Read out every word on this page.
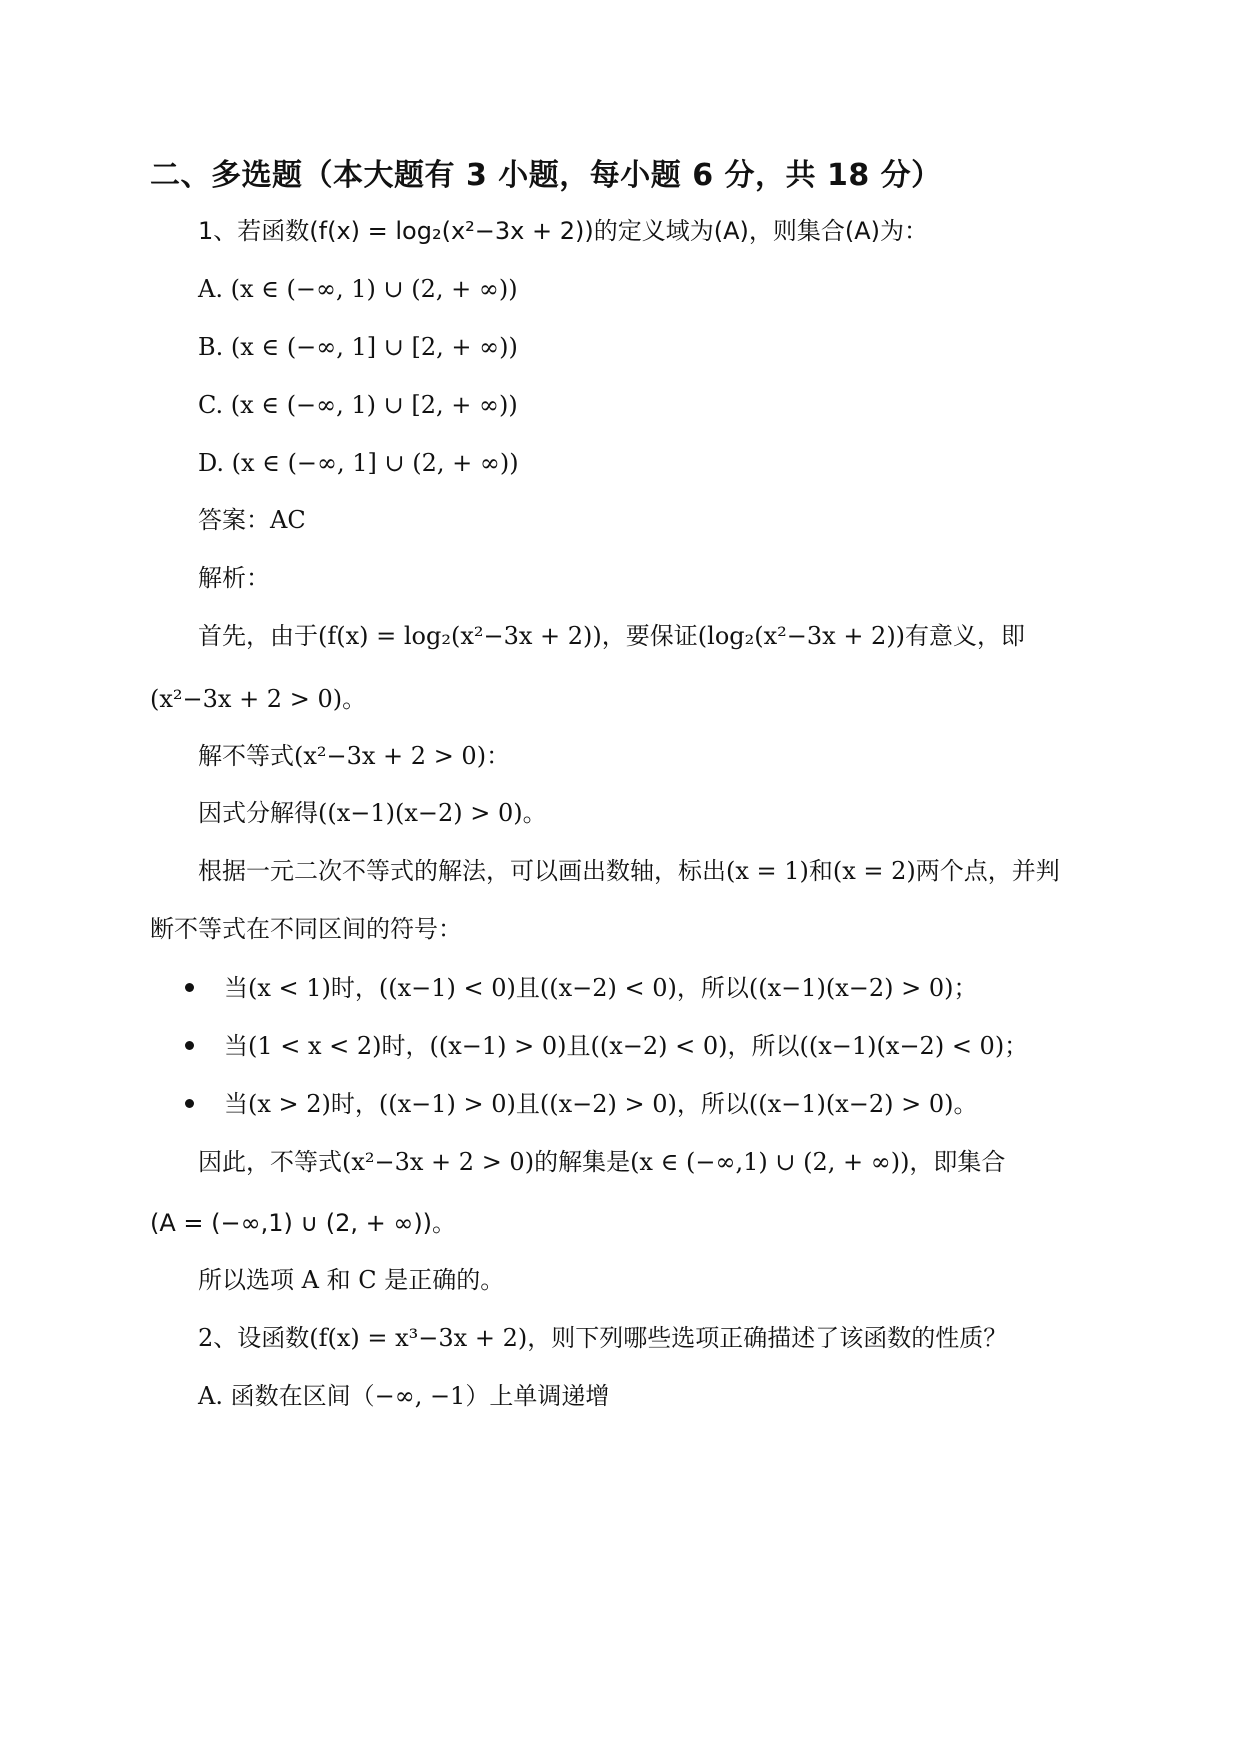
二、多选题（本大题有 3 小题，每小题 6 分，共 18 分）
1、若函数(f(x) = log₂(x²−3x + 2))的定义域为(A)，则集合(A)为：
A. (x ∈ (−∞, 1) ∪ (2, + ∞))
B. (x ∈ (−∞, 1] ∪ [2, + ∞))
C. (x ∈ (−∞, 1) ∪ [2, + ∞))
D. (x ∈ (−∞, 1] ∪ (2, + ∞))
答案：AC
解析：
首先，由于(f(x) = log₂(x²−3x + 2))，要保证(log₂(x²−3x + 2))有意义，即
(x²−3x + 2 > 0)。
解不等式(x²−3x + 2 > 0)：
因式分解得((x−1)(x−2) > 0)。
根据一元二次不等式的解法，可以画出数轴，标出(x = 1)和(x = 2)两个点，并判
断不等式在不同区间的符号：
当(x < 1)时，((x−1) < 0)且((x−2) < 0)，所以((x−1)(x−2) > 0)；
当(1 < x < 2)时，((x−1) > 0)且((x−2) < 0)，所以((x−1)(x−2) < 0)；
当(x > 2)时，((x−1) > 0)且((x−2) > 0)，所以((x−1)(x−2) > 0)。
因此，不等式(x²−3x + 2 > 0)的解集是(x ∈ (−∞,1) ∪ (2, + ∞))，即集合
(A = (−∞,1) ∪ (2, + ∞))。
所以选项 A 和 C 是正确的。
2、设函数(f(x) = x³−3x + 2)，则下列哪些选项正确描述了该函数的性质？
A. 函数在区间（−∞, −1）上单调递增
